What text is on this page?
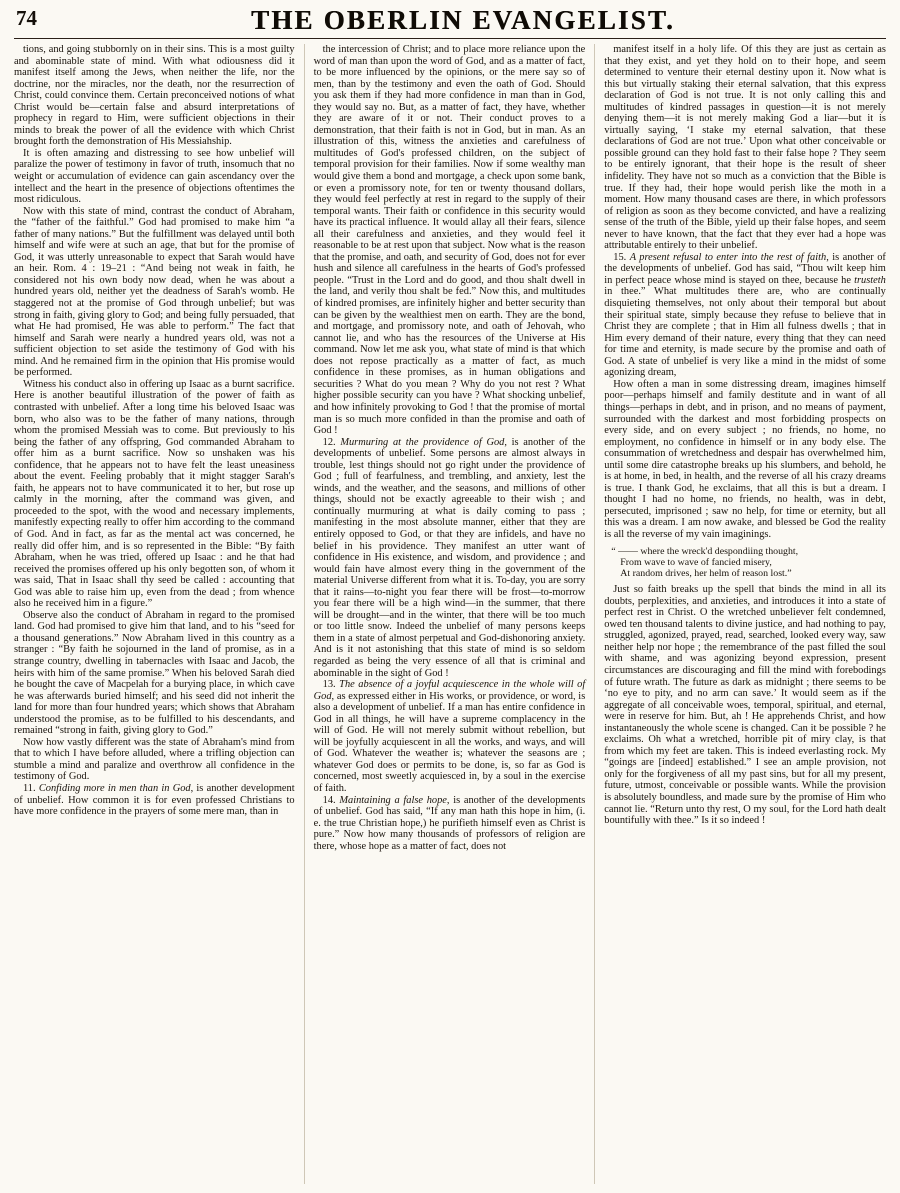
74	THE OBERLIN EVANGELIST.

tions, and going stubbornly on in their sins. This is a most guilty and abominable state of mind. With what odiousness did it manifest itself among the Jews, when neither the life, nor the doctrine, nor the miracles, nor the death, nor the resurrection of Christ, could convince them. Certain preconceived notions of what Christ would be—certain false and absurd interpretations of prophecy in regard to Him, were sufficient objections in their minds to break the power of all the evidence with which Christ brought forth the demonstration of His Messiahship.

It is often amazing and distressing to see how unbelief will paralize the power of testimony in favor of truth, insomuch that no weight or accumulation of evidence can gain ascendancy over the intellect and the heart in the presence of objections oftentimes the most ridiculous.

Now with this state of mind, contrast the conduct of Abraham, the “father of the faithful.” God had promised to make him “a father of many nations.” But the fulfillment was delayed until both himself and wife were at such an age, that but for the promise of God, it was utterly unreasonable to expect that Sarah would have an heir. Rom. 4 : 19–21 : “And being not weak in faith, he considered not his own body now dead, when he was about a hundred years old, neither yet the deadness of Sarah's womb. He staggered not at the promise of God through unbelief; but was strong in faith, giving glory to God; and being fully persuaded, that what He had promised, He was able to perform.” The fact that himself and Sarah were nearly a hundred years old, was not a sufficient objection to set aside the testimony of God with his mind. And he remained firm in the opinion that His promise would be performed.

Witness his conduct also in offering up Isaac as a burnt sacrifice. Here is another beautiful illustration of the power of faith as contrasted with unbelief. After a long time his beloved Isaac was born, who also was to be the father of many nations, through whom the promised Messiah was to come. But previously to his being the father of any offspring, God commanded Abraham to offer him as a burnt sacrifice. Now so unshaken was his confidence, that he appears not to have felt the least uneasiness about the event. Feeling probably that it might stagger Sarah's faith, he appears not to have communicated it to her, but rose up calmly in the morning, after the command was given, and proceeded to the spot, with the wood and necessary implements, manifestly expecting really to offer him according to the command of God. And in fact, as far as the mental act was concerned, he really did offer him, and is so represented in the Bible: “By faith Abraham, when he was tried, offered up Isaac : and he that had received the promises offered up his only begotten son, of whom it was said, That in Isaac shall thy seed be called : accounting that God was able to raise him up, even from the dead ; from whence also he received him in a figure.”

Observe also the conduct of Abraham in regard to the promised land. God had promised to give him that land, and to his “seed for a thousand generations.” Now Abraham lived in this country as a stranger : “By faith he sojourned in the land of promise, as in a strange country, dwelling in tabernacles with Isaac and Jacob, the heirs with him of the same promise.” When his beloved Sarah died he bought the cave of Macpelah for a burying place, in which cave he was afterwards buried himself; and his seed did not inherit the land for more than four hundred years; which shows that Abraham understood the promise, as to be fulfilled to his descendants, and remained “strong in faith, giving glory to God.”

Now how vastly different was the state of Abraham's mind from that to which I have before alluded, where a trifling objection can stumble a mind and paralize and overthrow all confidence in the testimony of God.

11. Confiding more in men than in God, is another development of unbelief. How common it is for even professed Christians to have more confidence in the prayers of some mere man, than in

the intercession of Christ; and to place more reliance upon the word of man than upon the word of God, and as a matter of fact, to be more influenced by the opinions, or the mere say so of men, than by the testimony and even the oath of God. Should you ask them if they had more confidence in man than in God, they would say no. But, as a matter of fact, they have, whether they are aware of it or not. Their conduct proves to a demonstration, that their faith is not in God, but in man. As an illustration of this, witness the anxieties and carefulness of multitudes of God's professed children, on the subject of temporal provision for their families. Now if some wealthy man would give them a bond and mortgage, a check upon some bank, or even a promissory note, for ten or twenty thousand dollars, they would feel perfectly at rest in regard to the supply of their temporal wants. Their faith or confidence in this security would have its practical influence. It would allay all their fears, silence all their carefulness and anxieties, and they would feel it reasonable to be at rest upon that subject. Now what is the reason that the promise, and oath, and security of God, does not for ever hush and silence all carefulness in the hearts of God's professed people. “Trust in the Lord and do good, and thou shalt dwell in the land, and verily thou shalt be fed.” Now this, and multitudes of kindred promises, are infinitely higher and better security than can be given by the wealthiest men on earth. They are the bond, and mortgage, and promissory note, and oath of Jehovah, who cannot lie, and who has the resources of the Universe at His command. Now let me ask you, what state of mind is that which does not repose practically as a matter of fact, as much confidence in these promises, as in human obligations and securities ? What do you mean ? Why do you not rest ? What higher possible security can you have ? What shocking unbelief, and how infinitely provoking to God ! that the promise of mortal man is so much more confided in than the promise and oath of God !

12. Murmuring at the providence of God, is another of the developments of unbelief. Some persons are almost always in trouble, lest things should not go right under the providence of God ; full of fearfulness, and trembling, and anxiety, lest the winds, and the weather, and the seasons, and millions of other things, should not be exactly agreeable to their wish ; and continually murmuring at what is daily coming to pass ; manifesting in the most absolute manner, either that they are entirely opposed to God, or that they are infidels, and have no belief in his providence. They manifest an utter want of confidence in His existence, and wisdom, and providence ; and would fain have almost every thing in the government of the material Universe different from what it is. To-day, you are sorry that it rains—to-night you fear there will be frost—to-morrow you fear there will be a high wind—in the summer, that there will be drought—and in the winter, that there will be too much or too little snow. Indeed the unbelief of many persons keeps them in a state of almost perpetual and God-dishonoring anxiety. And is it not astonishing that this state of mind is so seldom regarded as being the very essence of all that is criminal and abominable in the sight of God !

13. The absence of a joyful acquiescence in the whole will of God, as expressed either in His works, or providence, or word, is also a development of unbelief. If a man has entire confidence in God in all things, he will have a supreme complacency in the will of God. He will not merely submit without rebellion, but will be joyfully acquiescent in all the works, and ways, and will of God. Whatever the weather is; whatever the seasons are ; whatever God does or permits to be done, is, so far as God is concerned, most sweetly acquiesced in, by a soul in the exercise of faith.

14. Maintaining a false hope, is another of the developments of unbelief. God has said, “If any man hath this hope in him, (i. e. the true Christian hope,) he purifieth himself even as Christ is pure.” Now how many thousands of professors of religion are there, whose hope as a matter of fact, does not

manifest itself in a holy life. Of this they are just as certain as that they exist, and yet they hold on to their hope, and seem determined to venture their eternal destiny upon it. Now what is this but virtually staking their eternal salvation, that this express declaration of God is not true. It is not only calling this and multitudes of kindred passages in question—it is not merely denying them—it is not merely making God a liar—but it is virtually saying, ‘I stake my eternal salvation, that these declarations of God are not true.’ Upon what other conceivable or possible ground can they hold fast to their false hope ? They seem to be entirely ignorant, that their hope is the result of sheer infidelity. They have not so much as a conviction that the Bible is true. If they had, their hope would perish like the moth in a moment. How many thousand cases are there, in which professors of religion as soon as they become convicted, and have a realizing sense of the truth of the Bible, yield up their false hopes, and seem never to have known, that the fact that they ever had a hope was attributable entirely to their unbelief.

15. A present refusal to enter into the rest of faith, is another of the developments of unbelief. God has said, “Thou wilt keep him in perfect peace whose mind is stayed on thee, because he trusteth in thee.” What multitudes there are, who are continually disquieting themselves, not only about their temporal but about their spiritual state, simply because they refuse to believe that in Christ they are complete ; that in Him all fulness dwells ; that in Him every demand of their nature, every thing that they can need for time and eternity, is made secure by the promise and oath of God. A state of unbelief is very like a mind in the midst of some agonizing dream,

How often a man in some distressing dream, imagines himself poor—perhaps himself and family destitute and in want of all things—perhaps in debt, and in prison, and no means of payment, surrounded with the darkest and most forbidding prospects on every side, and on every subject ; no friends, no home, no employment, no confidence in himself or in any body else. The consummation of wretchedness and despair has overwhelmed him, until some dire catastrophe breaks up his slumbers, and behold, he is at home, in bed, in health, and the reverse of all his crazy dreams is true. I thank God, he exclaims, that all this is but a dream. I thought I had no home, no friends, no health, was in debt, persecuted, imprisoned ; saw no help, for time or eternity, but all this was a dream. I am now awake, and blessed be God the reality is all the reverse of my vain imaginings.

“ —— where the wreck'd despondiing thought,
From wave to wave of fancied misery,
At random drives, her helm of reason lost.”

Just so faith breaks up the spell that binds the mind in all its doubts, perplexities, and anxieties, and introduces it into a state of perfect rest in Christ. O the wretched unbeliever felt condemned, owed ten thousand talents to divine justice, and had nothing to pay, struggled, agonized, prayed, read, searched, looked every way, saw neither help nor hope ; the remembrance of the past filled the soul with shame, and was agonizing beyond expression, present circumstances are discouraging and fill the mind with forebodings of future wrath. The future as dark as midnight ; there seems to be ‘no eye to pity, and no arm can save.’ It would seem as if the aggregate of all conceivable woes, temporal, spiritual, and eternal, were in reserve for him. But, ah ! He apprehends Christ, and how instantaneously the whole scene is changed. Can it be possible ? he exclaims. Oh what a wretched, horrible pit of miry clay, is that from which my feet are taken. This is indeed everlasting rock. My “goings are [indeed] established.” I see an ample provision, not only for the forgiveness of all my past sins, but for all my present, future, utmost, conceivable or possible wants. While the provision is absolutely boundless, and made sure by the promise of Him who cannot lie. “Return unto thy rest, O my soul, for the Lord hath dealt bountifully with thee.” Is it so indeed !
